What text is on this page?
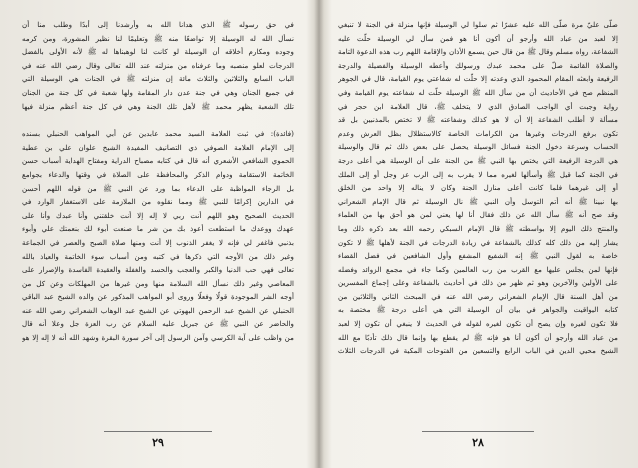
في حق رسوله ﷺ الذي هدانا الله به وأرشدنا إلى أبدًا وطلب منا أن
نسأل الله له الوسيلة إلا تواضعًا منه ﷺ وتعليمًا لنا نظير المشورة، ومن كرمه
وجوده ومكارم أخلاقه أن الوسيلة لو كانت لنا لوهبناها له ﷺ لأنه الأولى بالفضل
الدرجات لعلو منصبه وما عرفناه من منزلته عند الله تعالى وقال رضي الله عنه في
الباب السابع والثلاثين والثلاث مائة إن منزلته ﷺ في الجنات هي الوسيلة التي
في جميع الجنان وهي في جنة عدن دار المقامة ولها شعبة في كل جنة من الجنان
تلك الشعبة يظهر محمد ﷺ لأهل تلك الجنة وهي في كل جنة أعظم منزلة فيها
(فائدة): في ثبت العلامة السيد محمد عابدين عن أبي المواهب الحنبلي بسنده
إلى الإمام العلامة الصوفي ذي التصانيف المفيدة الشيخ علوان علي بن عطية
الحموي الشافعي الأشعري أنه قال في كتابه مصباح الدراية ومفتاح الهداية أسباب حسن
الخاتمة الاستقامة ودوام الذكر والمحافظة على الصلاة في وقتها والدعاء بجوامع
بل الرجاء المواظبة على الدعاء بما ورد عن النبي ﷺ من قوله اللهم أحسن
في الدارين إكرامًا للنبي ﷺ ومما نقلوه من الملازمة على الاستغفار الوارد في
الحديث الصحيح وهو اللهم أنت ربي لا إله إلا أنت خلقتني وأنا عبدك وأنا على
عهدك ووعدك ما استطعت أعوذ بك من شر ما صنعت أبوء لك بنعمتك علي وأبوء
بذنبي فاغفر لي فإنه لا يغفر الذنوب إلا أنت ومنها صلاة الصبح والعصر في الجماعة
وغير ذلك من الأوجه التي ذكرها في كتبه ومن أسباب سوء الخاتمة والعياذ بالله
تعالى فهي حب الدنيا والكبر والعجب والحسد والغفلة والعقيدة الفاسدة والإصرار على
المعاصي وغير ذلك نسأل الله السلامة منها ومن غيرها من المهلكات وعن كل من
أوجه الشر الموجودة قولًا وفعلًا وروى أبو المواهب المذكور عن والده الشيخ عبد الباقي
الحنبلي عن الشيخ عبد الرحمن البهوتي عن الشيخ عبد الوهاب الشعراني رضي الله عنه
والحاضر عن النبي ﷺ عن جبريل عليه السلام عن رب العزة جل وعلا أنه قال
من واظب على آية الكرسي وآمن الرسول إلى آخر سورة البقرة وشهد الله أنه لا إله إلا هو
٢٩
صلّى عليّ مرة صلّى الله عليه عشرًا ثم سلوا لي الوسيلة فإنها منزلة في الجنة لا تنبغي
إلا لعبد من عباد الله وأرجو أن أكون أنا هو فمن سأل لي الوسيلة حلّت عليه
الشفاعة، رواه مسلم وقال ﷺ من قال حين يسمع الأذان والإقامة اللهم رب هذه الدعوة التامة
والصلاة القائمة صلّ على محمد عبدك ورسولك وأعطه الوسيلة والفضيلة والدرجة
الرفيعة وابعثه المقام المحمود الذي وعدته إلا حلّت له شفاعتي يوم القيامة، قال في الجوهر
المنظم صح في الأحاديث أن من سأل الله ﷺ الوسيلة حلّت له شفاعته يوم القيامة وفي
رواية وجبت أي الواجب الصادق الذي لا يتخلف ﷺ، قال العلامة ابن حجر في
مسألة لا أطلب الشفاعة إلا أن لا هو كذلك وشفاعته ﷺ لا تختص بالمذنبين بل قد
تكون برفع الدرجات وغيرها من الكرامات الخاصة كالاستظلال بظل العرش وعدم
الحساب وسرعة دخول الجنة فسائل الوسيلة يحصل على بعض ذلك ثم قال والوسيلة
هي الدرجة الرفيعة التي يختص بها النبي ﷺ من الجنة على أن الوسيلة هي أعلى درجة
في الجنة كما قيل ﷺ وأسألها لغيره مما لا يقرب به إلى الرب عز وجل أو إلى الملك
أو إلى غيرهما فلما كانت أعلى منازل الجنة وكان لا يناله إلا واحد من الخلق
بها نبينا ﷺ أنه أتم التوسل وأن النبي ﷺ نال الوسيلة ثم قال الإمام الشعراني
وقد صح أنه ﷺ سأل الله عن ذلك فقال أنا لها يعني لمن هو أحق بها من العلماء
والمنتج ذلك اليوم إلا بواسطته ﷺ قال الإمام السبكي رحمه الله بعد ذكره ذلك وما
يشار إليه من ذلك كله كذلك بالشفاعة في زيادة الدرجات في الجنة لأهلها ﷺ لا تكون
خاصة به لقول النبي ﷺ إنه الشفيع المشفع وأول الشافعين في فضل القضاء
فإنها لمن يجلس عليها مع القرب من رب العالمين وكما جاء في مجمع الزوائد وفضله
على الأولين والآخرين وهو ثم ظهر من ذلك في أحاديث بالشفاعة وعلى إجماع المفسرين
من أهل السنة قال الإمام الشعراني رضي الله عنه في المبحث الثاني والثلاثين من
كتابه اليواقيت والجواهر في بيان أن الوسيلة التي هي أعلى درجة ﷺ مختصة به
فلا تكون لغيره وإن يصح أن تكون لغيره لقوله في الحديث لا ينبغي أن تكون إلا لعبد
من عباد الله وأرجو أن أكون أنا هو فإنه ﷺ لم يقطع بها وإنما قال ذلك تأدبًا مع الله
الشيخ محيي الدين في الباب الرابع والتسعين من الفتوحات المكية في الدرجات الثلاث
٢٨
